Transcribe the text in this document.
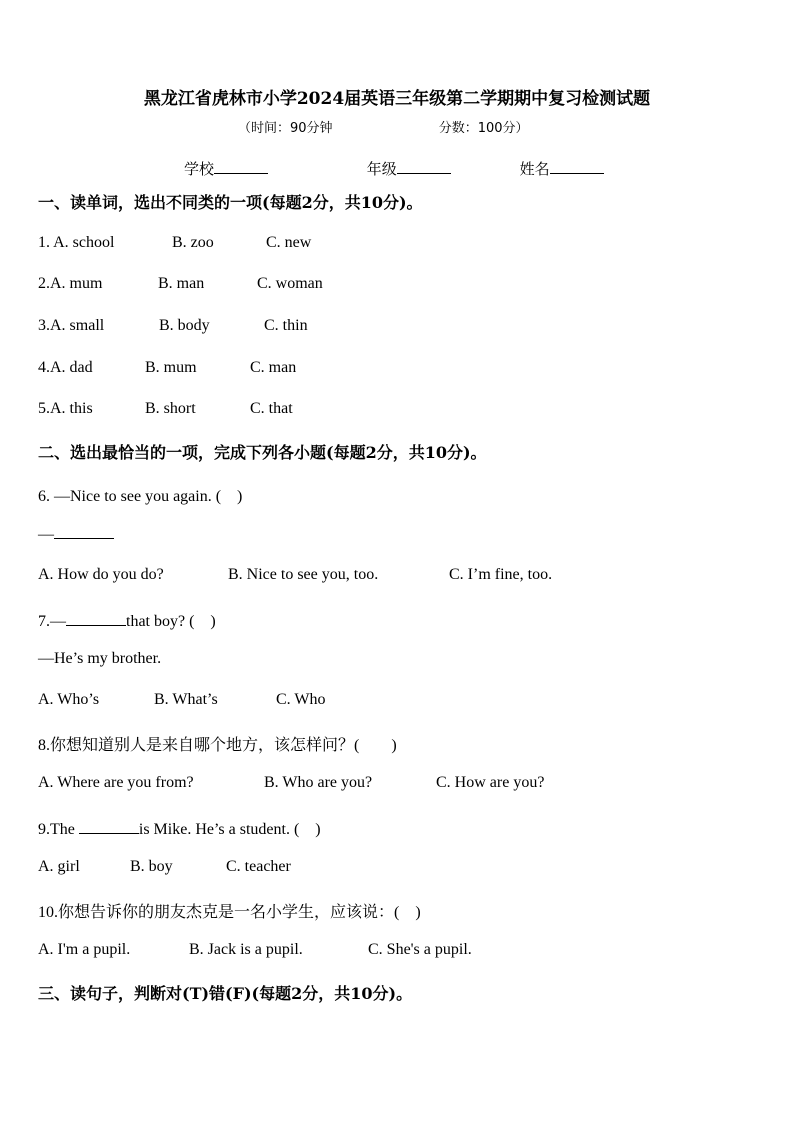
黑龙江省虎林市小学2024届英语三年级第二学期期中复习检测试题
（时间：90分钟	分数：100分）
学校	年级	姓名
一、读单词，选出不同类的一项(每题2分，共10分)。
1. A. school	B. zoo	C. new
2.A. mum	B. man	C. woman
3.A. small	B. body	C. thin
4.A. dad	B. mum	C. man
5.A. this	B. short	C. that
二、选出最恰当的一项，完成下列各小题(每题2分，共10分)。
6. —Nice to see you again. (　)
—
A. How do you do?	B. Nice to see you, too.	C. I’m fine, too.
7.—	that boy? (　)
—He’s my brother.
A. Who’s	B. What’s	C. Who
8.你想知道别人是来自哪个地方，该怎样问？(　　)
A. Where are you from?	B. Who are you?	C. How are you?
9.The	is Mike. He’s a student. (　)
A. girl	B. boy	C. teacher
10.你想告诉你的朋友杰克是一名小学生，应该说：(　)
A. I'm a pupil.	B. Jack is a pupil.	C. She's a pupil.
三、读句子，判断对(T)错(F)(每题2分，共10分)。
